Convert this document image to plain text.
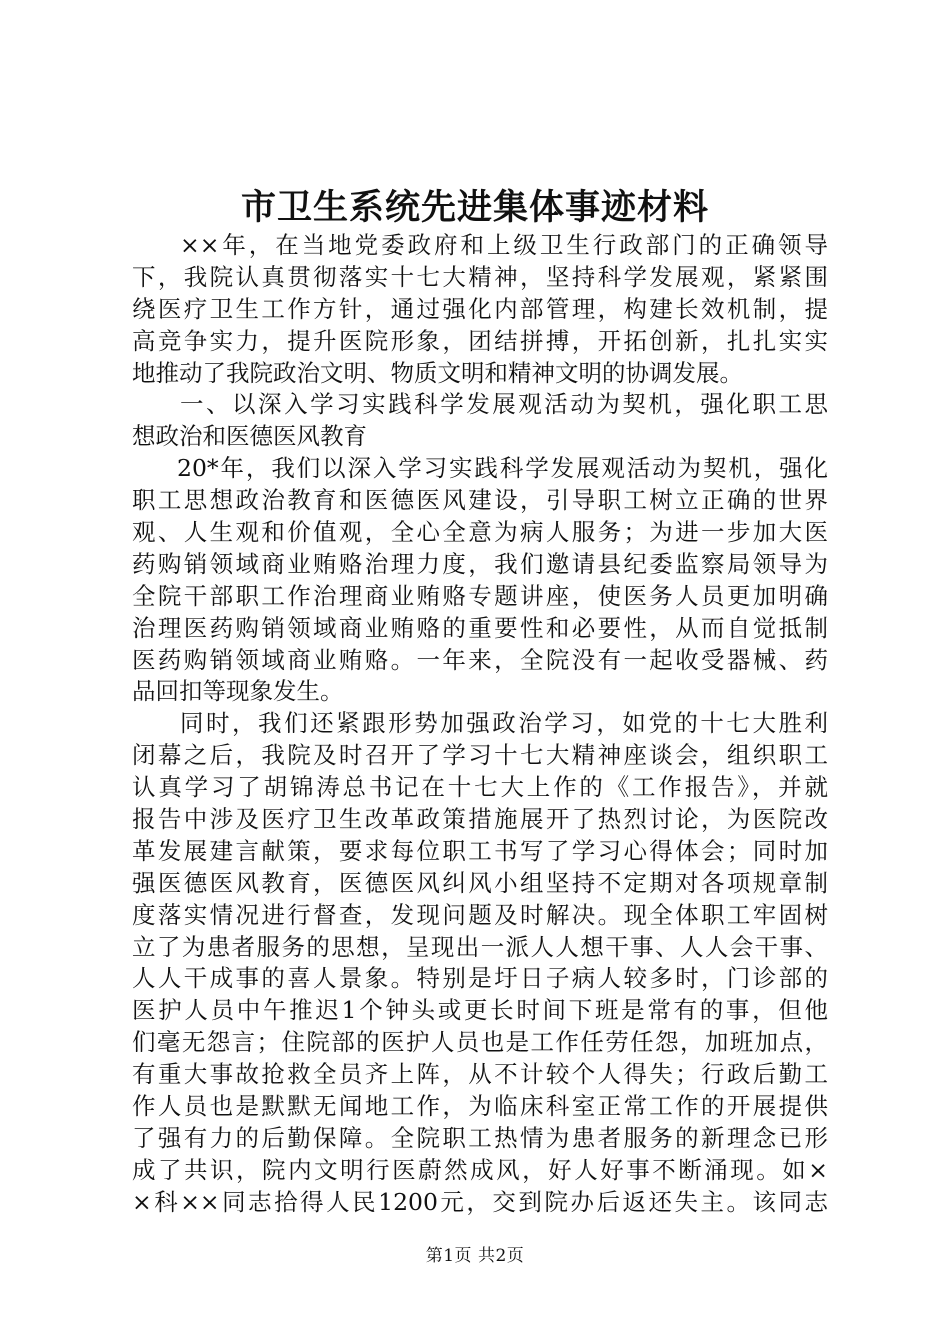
市卫生系统先进集体事迹材料
××年，在当地党委政府和上级卫生行政部门的正确领导
下，我院认真贯彻落实十七大精神，坚持科学发展观，紧紧围
绕医疗卫生工作方针，通过强化内部管理，构建长效机制，提
高竞争实力，提升医院形象，团结拼搏，开拓创新，扎扎实实
地推动了我院政治文明、物质文明和精神文明的协调发展。
一、以深入学习实践科学发展观活动为契机，强化职工思
想政治和医德医风教育
20*年，我们以深入学习实践科学发展观活动为契机，强化
职工思想政治教育和医德医风建设，引导职工树立正确的世界
观、人生观和价值观，全心全意为病人服务；为进一步加大医
药购销领域商业贿赂治理力度，我们邀请县纪委监察局领导为
全院干部职工作治理商业贿赂专题讲座，使医务人员更加明确
治理医药购销领域商业贿赂的重要性和必要性，从而自觉抵制
医药购销领域商业贿赂。一年来，全院没有一起收受器械、药
品回扣等现象发生。
同时，我们还紧跟形势加强政治学习，如党的十七大胜利
闭幕之后，我院及时召开了学习十七大精神座谈会，组织职工
认真学习了胡锦涛总书记在十七大上作的《工作报告》，并就
报告中涉及医疗卫生改革政策措施展开了热烈讨论，为医院改
革发展建言献策，要求每位职工书写了学习心得体会；同时加
强医德医风教育，医德医风纠风小组坚持不定期对各项规章制
度落实情况进行督查，发现问题及时解决。现全体职工牢固树
立了为患者服务的思想，呈现出一派人人想干事、人人会干事、
人人干成事的喜人景象。特别是圩日子病人较多时，门诊部的
医护人员中午推迟1个钟头或更长时间下班是常有的事，但他
们毫无怨言；住院部的医护人员也是工作任劳任怨，加班加点，
有重大事故抢救全员齐上阵，从不计较个人得失；行政后勤工
作人员也是默默无闻地工作，为临床科室正常工作的开展提供
了强有力的后勤保障。全院职工热情为患者服务的新理念已形
成了共识，院内文明行医蔚然成风，好人好事不断涌现。如×
×科××同志拾得人民1200元，交到院办后返还失主。该同志
第1页 共2页
